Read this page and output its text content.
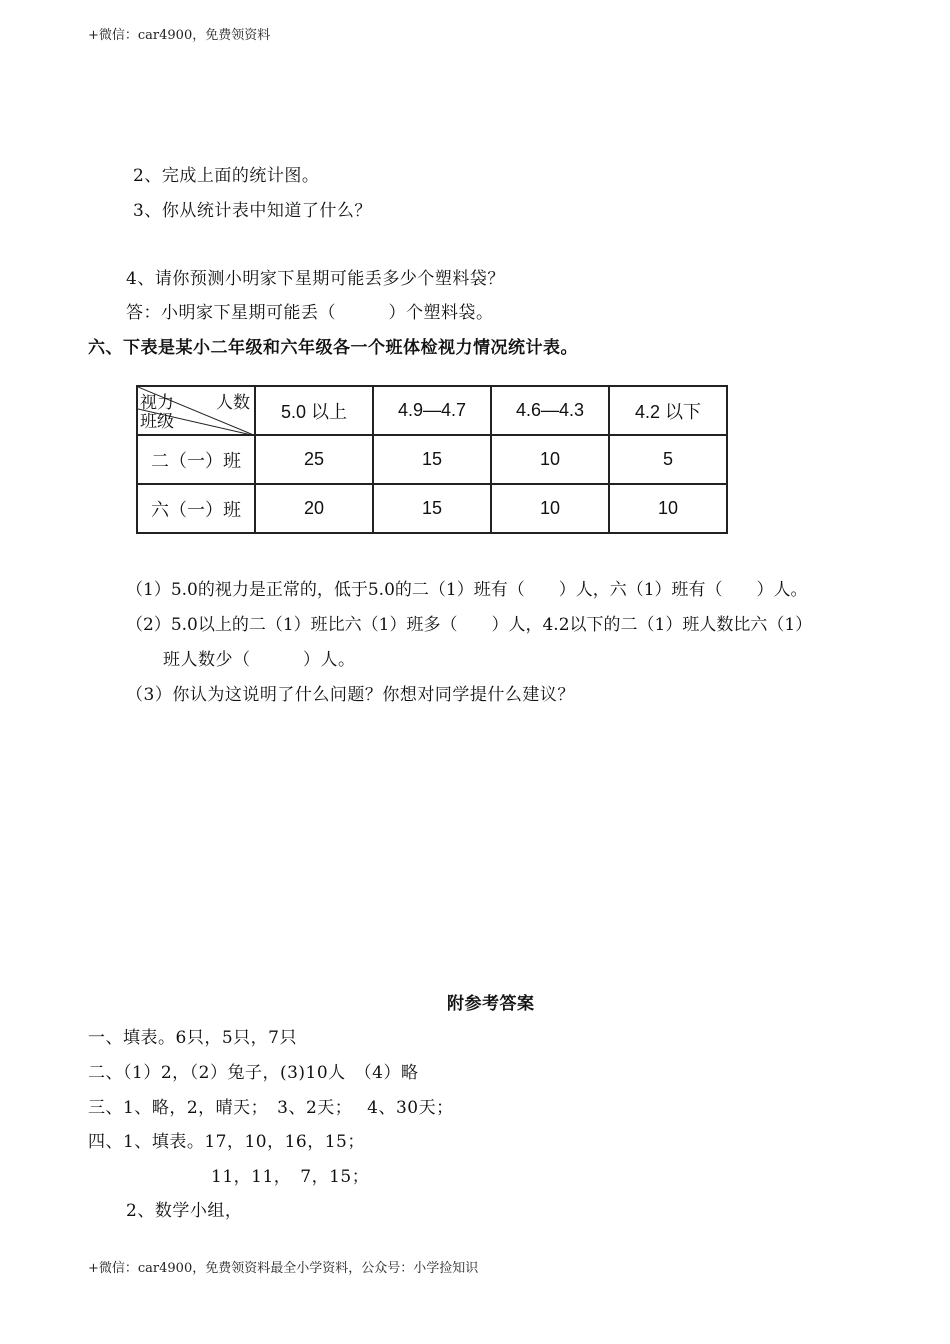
+微信：car4900，免费领资料
2、完成上面的统计图。
3、你从统计表中知道了什么？
4、请你预测小明家下星期可能丢多少个塑料袋？
答：小明家下星期可能丢（　　　）个塑料袋。
六、下表是某小二年级和六年级各一个班体检视力情况统计表。
视力 人数
班级	5.0 以上	4.9—4.7	4.6—4.3	4.2 以下
二（一）班	25	15	10	5
六（一）班	20	15	10	10
（1）5.0的视力是正常的，低于5.0的二（1）班有（　　）人，六（1）班有（　　）人。
（2）5.0以上的二（1）班比六（1）班多（　　）人，4.2以下的二（1）班人数比六（1）
班人数少（　　　）人。
（3）你认为这说明了什么问题？你想对同学提什么建议？
附参考答案
一、填表。6只，5只，7只
二、（1）2，（2）兔子，(3)10人　（4）略
三、1、略，2，晴天；　3、2天；　 4、30天；
四、1、填表。17，10，16，15；
11，11，　7，15；
2、数学小组，
+微信：car4900，免费领资料最全小学资料，公众号：小学捡知识
